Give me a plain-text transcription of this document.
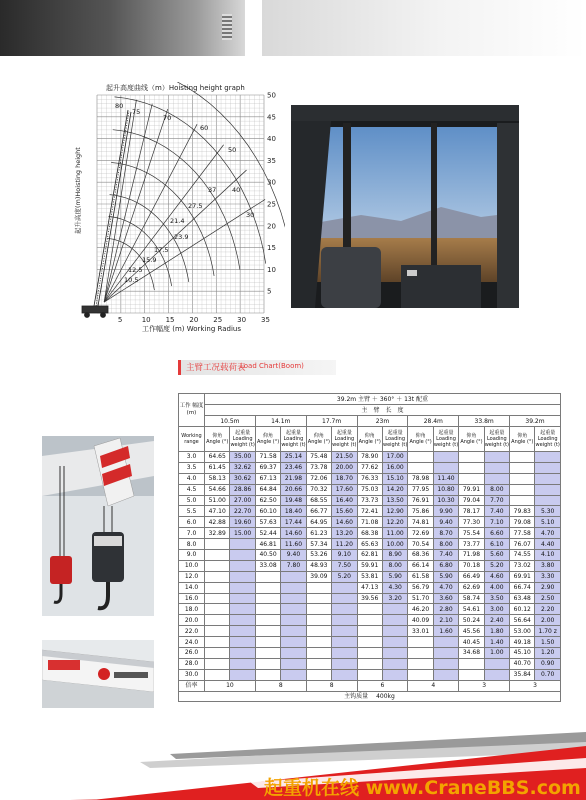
起升高度曲线（m）Hoisting height graph
5
10
15
20
25
30
35
40
45
50
5	10 15 20 25 30 35
80
75
70
60
50
40
30
37
27.5
21.4
23.9
17.5
15.9
12.5
10.5
起升高度(m)Hoisting height
工作幅度 (m) Working Radius
主臂工况载荷表
Load Chart(Boom)
工作 幅度 (m)	39.2m 主臂 ＋ 360° ＋ 13t 配重													
	主　臂　长　度													
	10.5m		14.1m		17.7m		23m		28.4m		33.8m		39.2m	
Working range	仰角 Angle (°)	起重量 Loading weight (t)	仰角 Angle (°)	起重量 Loading weight (t)	仰角 Angle (°)	起重量 Loading weight (t)	仰角 Angle (°)	起重量 Loading weight (t)	仰角 Angle (°)	起重量 Loading weight (t)	仰角 Angle (°)	起重量 Loading weight (t)	仰角 Angle (°)	起重量 Loading weight (t)
3.0	64.65	35.00	71.58	25.14	75.48	21.50	78.90	17.00						
3.5	61.45	32.62	69.37	23.46	73.78	20.00	77.62	16.00						
4.0	58.13	30.62	67.13	21.98	72.06	18.70	76.33	15.10	78.98	11.40				
4.5	54.66	28.86	64.84	20.66	70.32	17.60	75.03	14.20	77.95	10.80	79.91	8.00		
5.0	51.00	27.00	62.50	19.48	68.55	16.40	73.73	13.50	76.91	10.30	79.04	7.70		
5.5	47.10	22.70	60.10	18.40	66.77	15.60	72.41	12.90	75.86	9.90	78.17	7.40	79.83	5.30
6.0	42.88	19.60	57.63	17.44	64.95	14.60	71.08	12.20	74.81	9.40	77.30	7.10	79.08	5.10
7.0	32.89	15.00	52.44	14.60	61.23	13.20	68.38	11.00	72.69	8.70	75.54	6.60	77.58	4.70
8.0			46.81	11.60	57.34	11.20	65.63	10.00	70.54	8.00	73.77	6.10	76.07	4.40
9.0			40.50	9.40	53.26	9.10	62.81	8.90	68.36	7.40	71.98	5.60	74.55	4.10
10.0			33.08	7.80	48.93	7.50	59.91	8.00	66.14	6.80	70.18	5.20	73.02	3.80
12.0					39.09	5.20	53.81	5.90	61.58	5.90	66.49	4.60	69.91	3.30
14.0							47.13	4.30	56.79	4.70	62.69	4.00	66.74	2.90
16.0							39.56	3.20	51.70	3.60	58.74	3.50	63.48	2.50
18.0									46.20	2.80	54.61	3.00	60.12	2.20
20.0									40.09	2.10	50.24	2.40	56.64	2.00
22.0									33.01	1.60	45.56	1.80	53.00	1.70 z
24.0											40.45	1.40	49.18	1.50
26.0											34.68	1.00	45.10	1.20
28.0													40.70	0.90
30.0													35.84	0.70
倍率	10		8		8		6		4		3		3	
主钩质量 400kg														
起重机在线 www.CraneBBS.com
